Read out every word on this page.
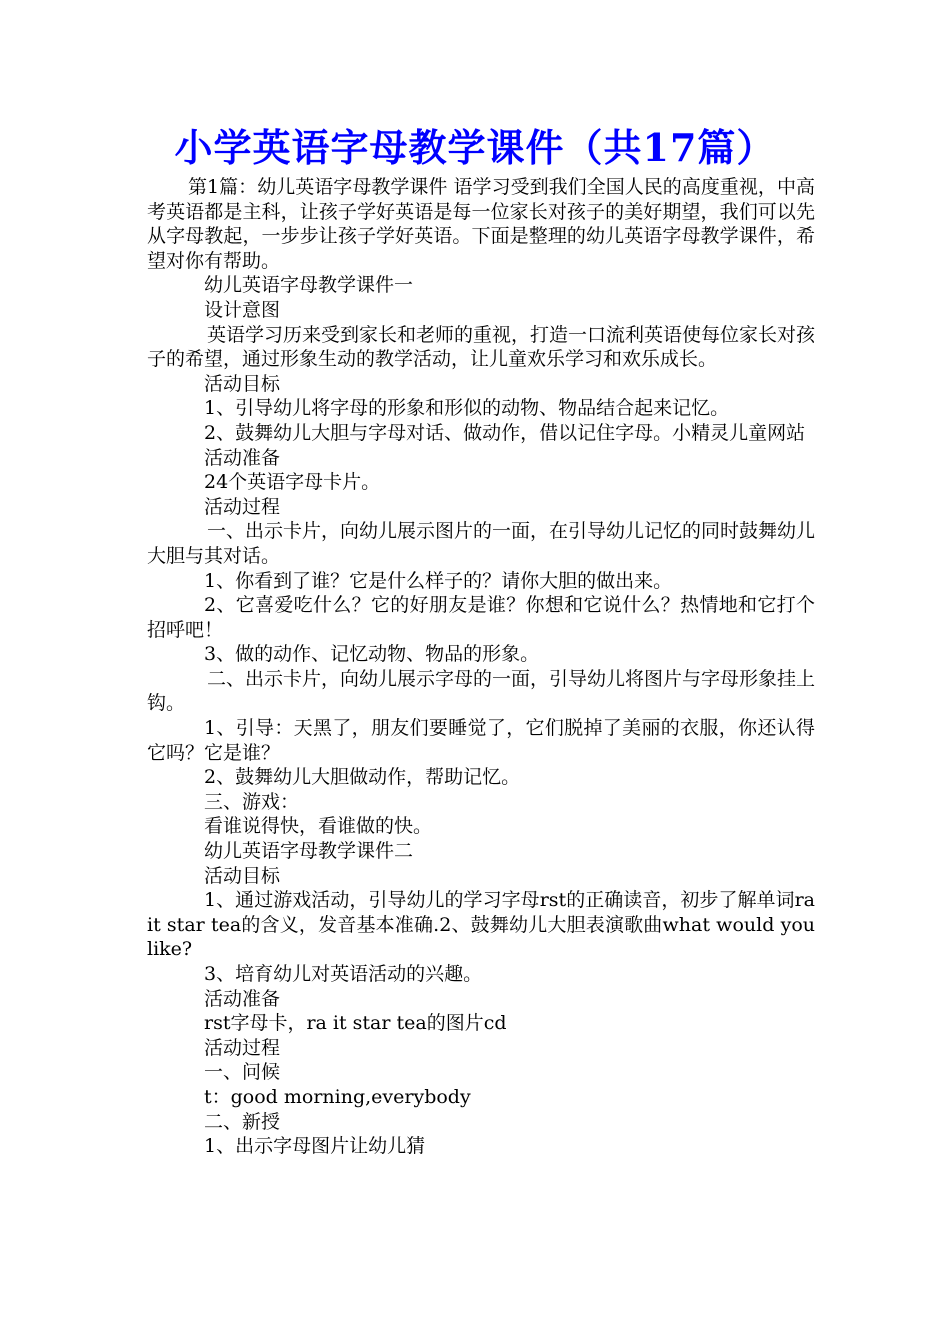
小学英语字母教学课件（共17篇）

第1篇：幼儿英语字母教学课件 语学习受到我们全国人民的高度重视，中高考英语都是主科，让孩子学好英语是每一位家长对孩子的美好期望，我们可以先从字母教起，一步步让孩子学好英语。下面是整理的幼儿英语字母教学课件，希望对你有帮助。

幼儿英语字母教学课件一

设计意图

英语学习历来受到家长和老师的重视，打造一口流利英语使每位家长对孩子的希望，通过形象生动的教学活动，让儿童欢乐学习和欢乐成长。

活动目标

1、引导幼儿将字母的形象和形似的动物、物品结合起来记忆。

2、鼓舞幼儿大胆与字母对话、做动作，借以记住字母。小精灵儿童网站

活动准备

24个英语字母卡片。

活动过程

一、出示卡片，向幼儿展示图片的一面，在引导幼儿记忆的同时鼓舞幼儿大胆与其对话。

1、你看到了谁？它是什么样子的？请你大胆的做出来。

2、它喜爱吃什么？它的好朋友是谁？你想和它说什么？热情地和它打个招呼吧！

3、做的动作、记忆动物、物品的形象。

二、出示卡片，向幼儿展示字母的一面，引导幼儿将图片与字母形象挂上钩。

1、引导：天黑了，朋友们要睡觉了，它们脱掉了美丽的衣服，你还认得它吗？它是谁？

2、鼓舞幼儿大胆做动作，帮助记忆。

三、游戏：

看谁说得快，看谁做的快。

幼儿英语字母教学课件二

活动目标

1、通过游戏活动，引导幼儿的学习字母rst的正确读音，初步了解单词ra it star tea的含义，发音基本准确.2、鼓舞幼儿大胆表演歌曲what would you like?

3、培育幼儿对英语活动的兴趣。

活动准备

rst字母卡，ra it star tea的图片cd

活动过程

一、问候

t：good morning,everybody

二、新授

1、出示字母图片让幼儿猜
